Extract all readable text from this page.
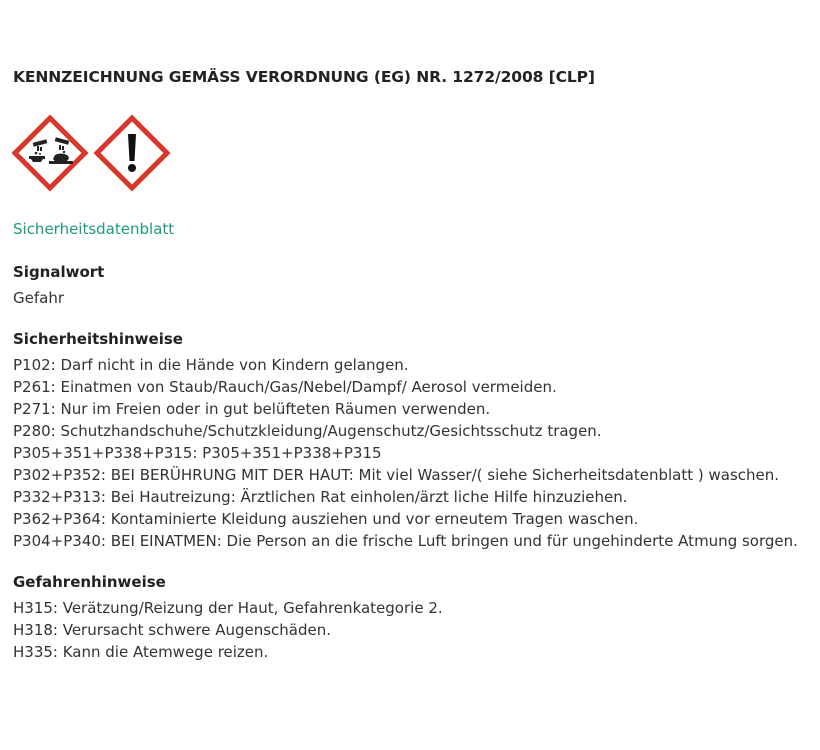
KENNZEICHNUNG GEMÄSS VERORDNUNG (EG) NR. 1272/2008 [CLP]
Sicherheitsdatenblatt
Signalwort
Gefahr
Sicherheitshinweise
P102: Darf nicht in die Hände von Kindern gelangen.
P261: Einatmen von Staub/Rauch/Gas/Nebel/Dampf/ Aerosol vermeiden.
P271: Nur im Freien oder in gut belüfteten Räumen verwenden.
P280: Schutzhandschuhe/Schutzkleidung/Augenschutz/Gesichtsschutz tragen.
P305+351+P338+P315: P305+351+P338+P315
P302+P352: BEI BERÜHRUNG MIT DER HAUT: Mit viel Wasser/( siehe Sicherheitsdatenblatt ) waschen.
P332+P313: Bei Hautreizung: Ärztlichen Rat einholen/ärzt liche Hilfe hinzuziehen.
P362+P364: Kontaminierte Kleidung ausziehen und vor erneutem Tragen waschen.
P304+P340: BEI EINATMEN: Die Person an die frische Luft bringen und für ungehinderte Atmung sorgen.
Gefahrenhinweise
H315: Verätzung/Reizung der Haut, Gefahrenkategorie 2.
H318: Verursacht schwere Augenschäden.
H335: Kann die Atemwege reizen.
